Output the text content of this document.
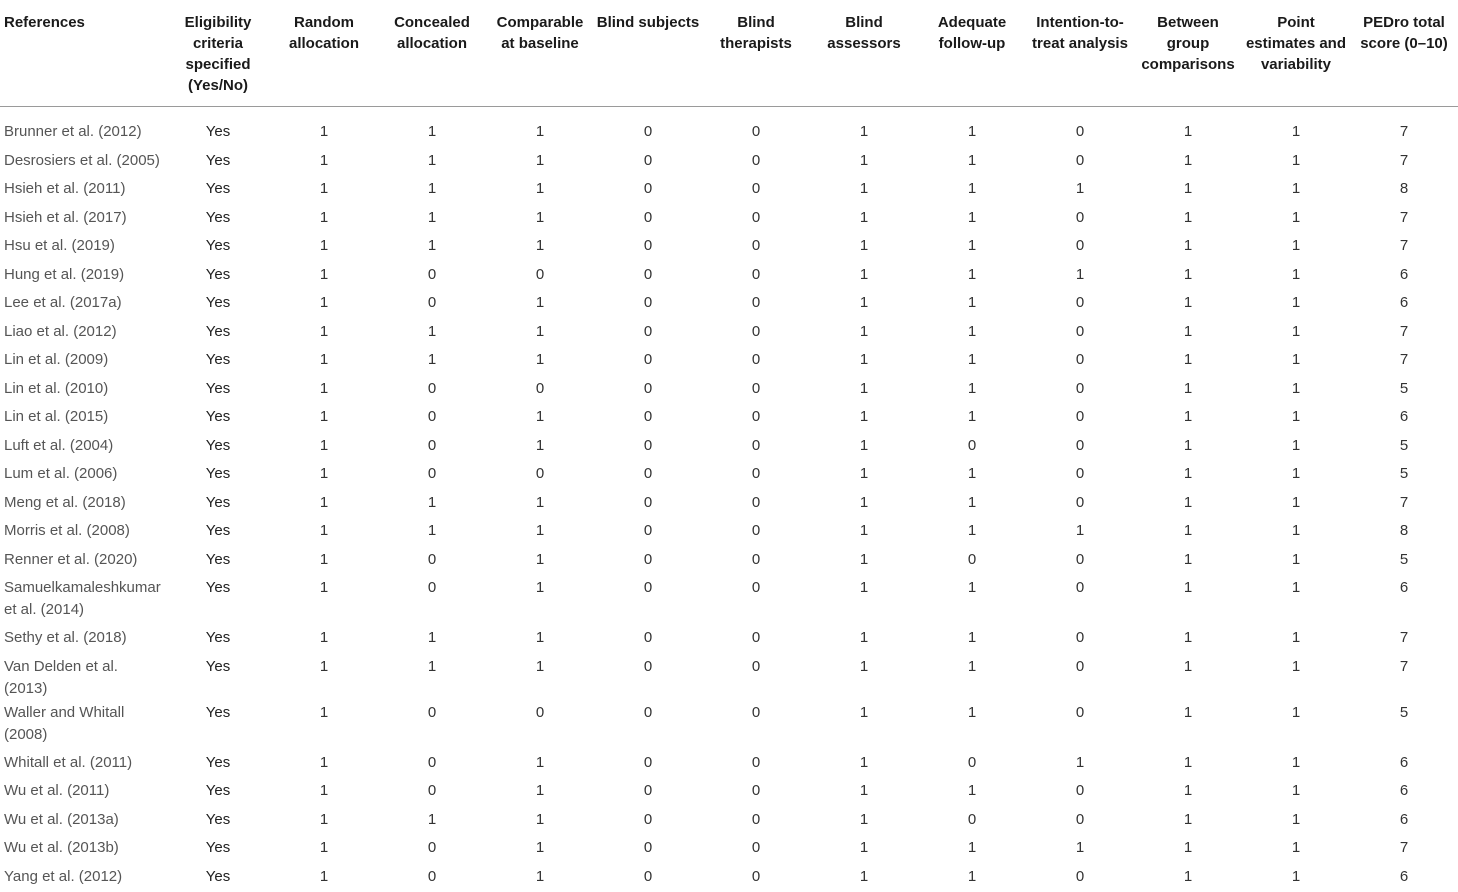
References	Eligibility criteria specified (Yes/No)	Random allocation	Concealed allocation	Comparable at baseline	Blind subjects	Blind therapists	Blind assessors	Adequate follow-up	Intention-to-treat analysis	Between group comparisons	Point estimates and variability	PEDro total score (0–10)
Brunner et al. (2012)	Yes	1	1	1	0	0	1	1	0	1	1	7
Desrosiers et al. (2005)	Yes	1	1	1	0	0	1	1	0	1	1	7
Hsieh et al. (2011)	Yes	1	1	1	0	0	1	1	1	1	1	8
Hsieh et al. (2017)	Yes	1	1	1	0	0	1	1	0	1	1	7
Hsu et al. (2019)	Yes	1	1	1	0	0	1	1	0	1	1	7
Hung et al. (2019)	Yes	1	0	0	0	0	1	1	1	1	1	6
Lee et al. (2017a)	Yes	1	0	1	0	0	1	1	0	1	1	6
Liao et al. (2012)	Yes	1	1	1	0	0	1	1	0	1	1	7
Lin et al. (2009)	Yes	1	1	1	0	0	1	1	0	1	1	7
Lin et al. (2010)	Yes	1	0	0	0	0	1	1	0	1	1	5
Lin et al. (2015)	Yes	1	0	1	0	0	1	1	0	1	1	6
Luft et al. (2004)	Yes	1	0	1	0	0	1	0	0	1	1	5
Lum et al. (2006)	Yes	1	0	0	0	0	1	1	0	1	1	5
Meng et al. (2018)	Yes	1	1	1	0	0	1	1	0	1	1	7
Morris et al. (2008)	Yes	1	1	1	0	0	1	1	1	1	1	8
Renner et al. (2020)	Yes	1	0	1	0	0	1	0	0	1	1	5
Samuelkamaleshkumar et al. (2014)	Yes	1	0	1	0	0	1	1	0	1	1	6
Sethy et al. (2018)	Yes	1	1	1	0	0	1	1	0	1	1	7
Van Delden et al. (2013)	Yes	1	1	1	0	0	1	1	0	1	1	7
Waller and Whitall (2008)	Yes	1	0	0	0	0	1	1	0	1	1	5
Whitall et al. (2011)	Yes	1	0	1	0	0	1	0	1	1	1	6
Wu et al. (2011)	Yes	1	0	1	0	0	1	1	0	1	1	6
Wu et al. (2013a)	Yes	1	1	1	0	0	1	0	0	1	1	6
Wu et al. (2013b)	Yes	1	0	1	0	0	1	1	1	1	1	7
Yang et al. (2012)	Yes	1	0	1	0	0	1	1	0	1	1	6
